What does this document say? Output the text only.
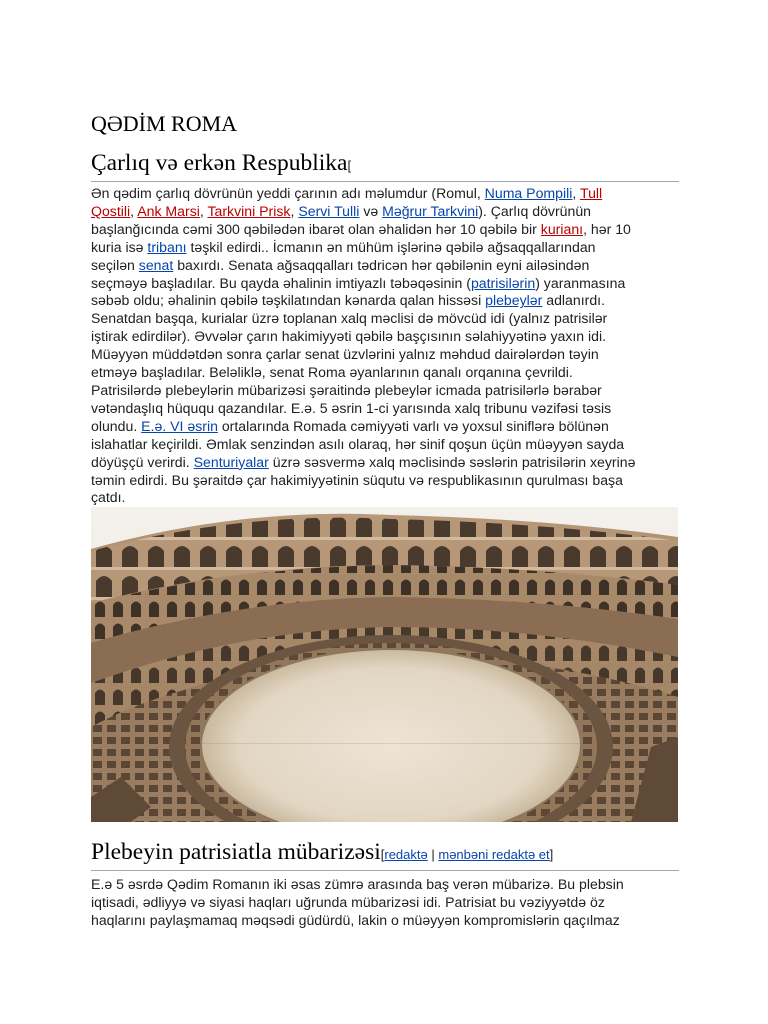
QƏDİM ROMA
Çarlıq və erkən Respublika[
Ən qədim çarlıq dövrünün yeddi çarının adı məlumdur (Romul, Numa Pompili, Tull
Qostili, Ank Marsi, Tarkvini Prisk, Servi Tulli və Məğrur Tarkvini). Çarlıq dövrünün
başlanğıcında cəmi 300 qəbilədən ibarət olan əhalidən hər 10 qəbilə bir kurianı, hər 10
kuria isə tribanı təşkil edirdi.. İcmanın ən mühüm işlərinə qəbilə ağsaqqallarından
seçilən senat baxırdı. Senata ağsaqqalları tədricən hər qəbilənin eyni ailəsindən
seçməyə başladılar. Bu qayda əhalinin imtiyazlı təbəqəsinin (patrisilərin) yaranmasına
səbəb oldu; əhalinin qəbilə təşkilatından kənarda qalan hissəsi plebeylər adlanırdı.
Senatdan başqa, kurialar üzrə toplanan xalq məclisi də mövcüd idi (yalnız patrisilər
iştirak edirdilər). Əvvələr çarın hakimiyyəti qəbilə başçısının səlahiyyətinə yaxın idi.
Müəyyən müddətdən sonra çarlar senat üzvlərini yalnız məhdud dairələrdən təyin
etməyə başladılar. Beləliklə, senat Roma əyanlarının qanalı orqanına çevrildi.
Patrisilərdə plebeylərin mübarizəsi şəraitində plebeylər icmada patrisilərlə bərabər
vətəndaşlıq hüququ qazandılar. E.ə. 5 əsrin 1-ci yarısında xalq tribunu vəzifəsi təsis
olundu. E.ə. VI əsrin ortalarında Romada cəmiyyəti varlı və yoxsul siniflərə bölünən
islahatlar keçirildi. Əmlak senzindən asılı olaraq, hər sinif qoşun üçün müəyyən sayda
döyüşçü verirdi. Senturiyalar üzrə səsvermə xalq məclisində səslərin patrisilərin xeyrinə
təmin edirdi. Bu şəraitdə çar hakimiyyətinin süqutu və respublikasının qurulması başa
çatdı.
Plebeyin patrisiatla mübarizəsi[redaktə | mənbəni redaktə et]
E.ə 5 əsrdə Qədim Romanın iki əsas zümrə arasında baş verən mübarizə. Bu plebsin
iqtisadi, ədliyyə və siyasi haqları uğrunda mübarizəsi idi. Patrisiat bu vəziyyətdə öz
haqlarını paylaşmamaq məqsədi güdürdü, lakin o müəyyən kompromislərin qaçılmaz
